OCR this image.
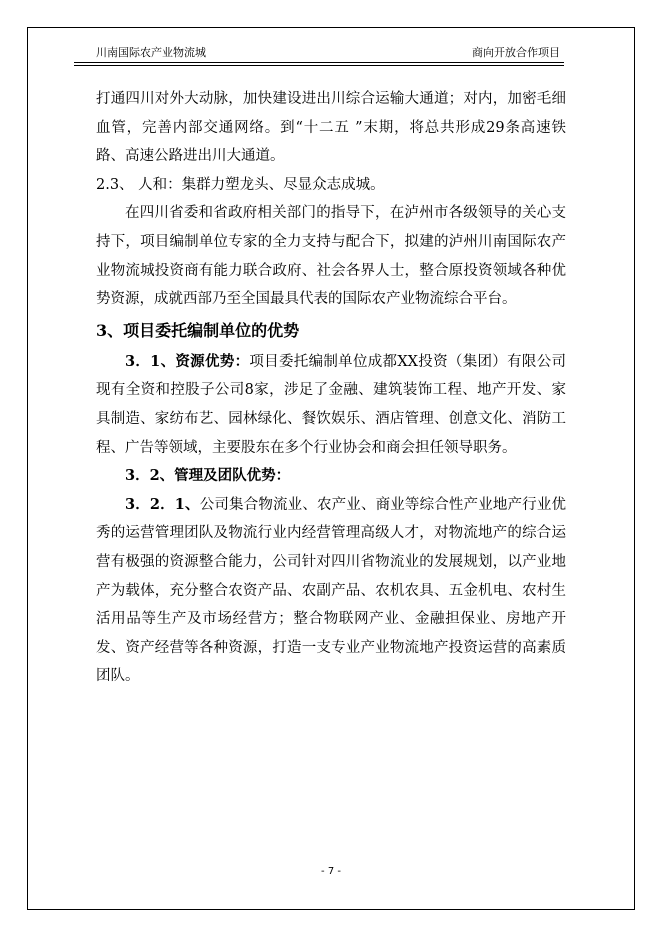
川南国际农产业物流城	商向开放合作项目

打通四川对外大动脉，加快建设进出川综合运输大通道；对内，加密毛细血管，完善内部交通网络。到“十二五 ”末期，将总共形成29条高速铁路、高速公路进出川大通道。

2.3、 人和：集群力塑龙头、尽显众志成城。

在四川省委和省政府相关部门的指导下，在泸州市各级领导的关心支持下，项目编制单位专家的全力支持与配合下，拟建的泸州川南国际农产业物流城投资商有能力联合政府、社会各界人士，整合原投资领域各种优势资源，成就西部乃至全国最具代表的国际农产业物流综合平台。

3、项目委托编制单位的优势

3．1、资源优势：项目委托编制单位成都XX投资（集团）有限公司现有全资和控股子公司8家，涉足了金融、建筑装饰工程、地产开发、家具制造、家纺布艺、园林绿化、餐饮娱乐、酒店管理、创意文化、消防工程、广告等领域，主要股东在多个行业协会和商会担任领导职务。

3．2、管理及团队优势：

3．2．1、公司集合物流业、农产业、商业等综合性产业地产行业优秀的运营管理团队及物流行业内经营管理高级人才，对物流地产的综合运营有极强的资源整合能力，公司针对四川省物流业的发展规划，以产业地产为载体，充分整合农资产品、农副产品、农机农具、五金机电、农村生活用品等生产及市场经营方；整合物联网产业、金融担保业、房地产开发、资产经营等各种资源，打造一支专业产业物流地产投资运营的高素质团队。

- 7 -
